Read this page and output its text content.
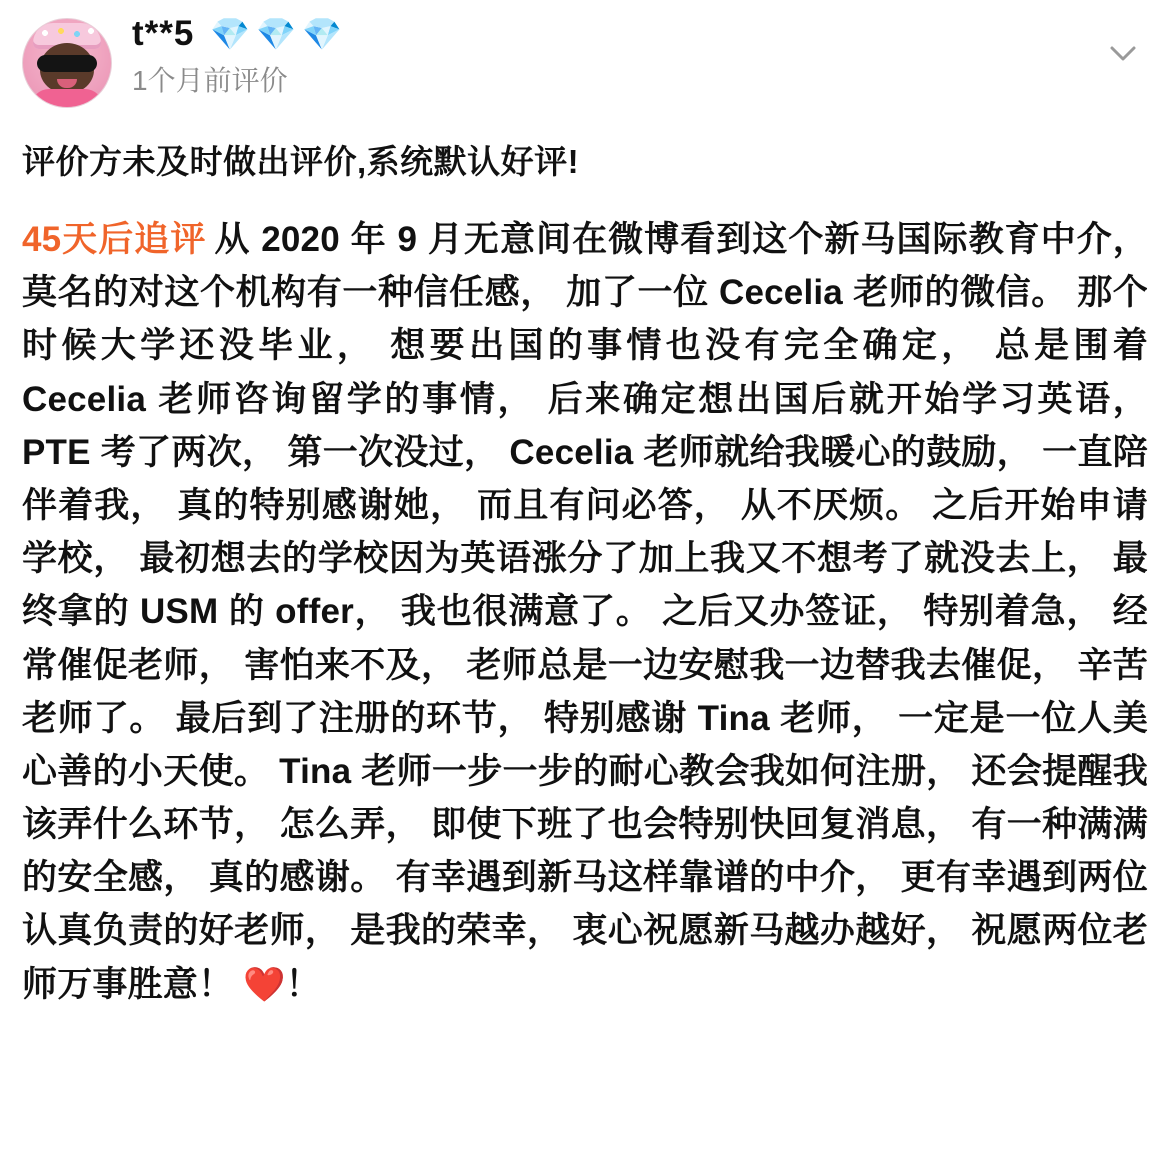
t**5 💎 💎 💎
1个月前评价
评价方未及时做出评价,系统默认好评!
45天后追评 从 2020 年 9 月无意间在微博看到这个新马国际教育中介， 莫名的对这个机构有一种信任感， 加了一位 Cecelia 老师的微信。 那个时候大学还没毕业， 想要出国的事情也没有完全确定， 总是围着 Cecelia 老师咨询留学的事情， 后来确定想出国后就开始学习英语， PTE 考了两次， 第一次没过， Cecelia 老师就给我暖心的鼓励， 一直陪伴着我， 真的特别感谢她， 而且有问必答， 从不厌烦。 之后开始申请学校， 最初想去的学校因为英语涨分了加上我又不想考了就没去上， 最终拿的 USM 的 offer， 我也很满意了。 之后又办签证， 特别着急， 经常催促老师， 害怕来不及， 老师总是一边安慰我一边替我去催促， 辛苦老师了。 最后到了注册的环节， 特别感谢 Tina 老师， 一定是一位人美心善的小天使。 Tina 老师一步一步的耐心教会我如何注册， 还会提醒我该弄什么环节， 怎么弄， 即使下班了也会特别快回复消息， 有一种满满的安全感， 真的感谢。 有幸遇到新马这样靠谱的中介， 更有幸遇到两位认真负责的好老师， 是我的荣幸， 衷心祝愿新马越办越好， 祝愿两位老师万事胜意！ ❤️！
